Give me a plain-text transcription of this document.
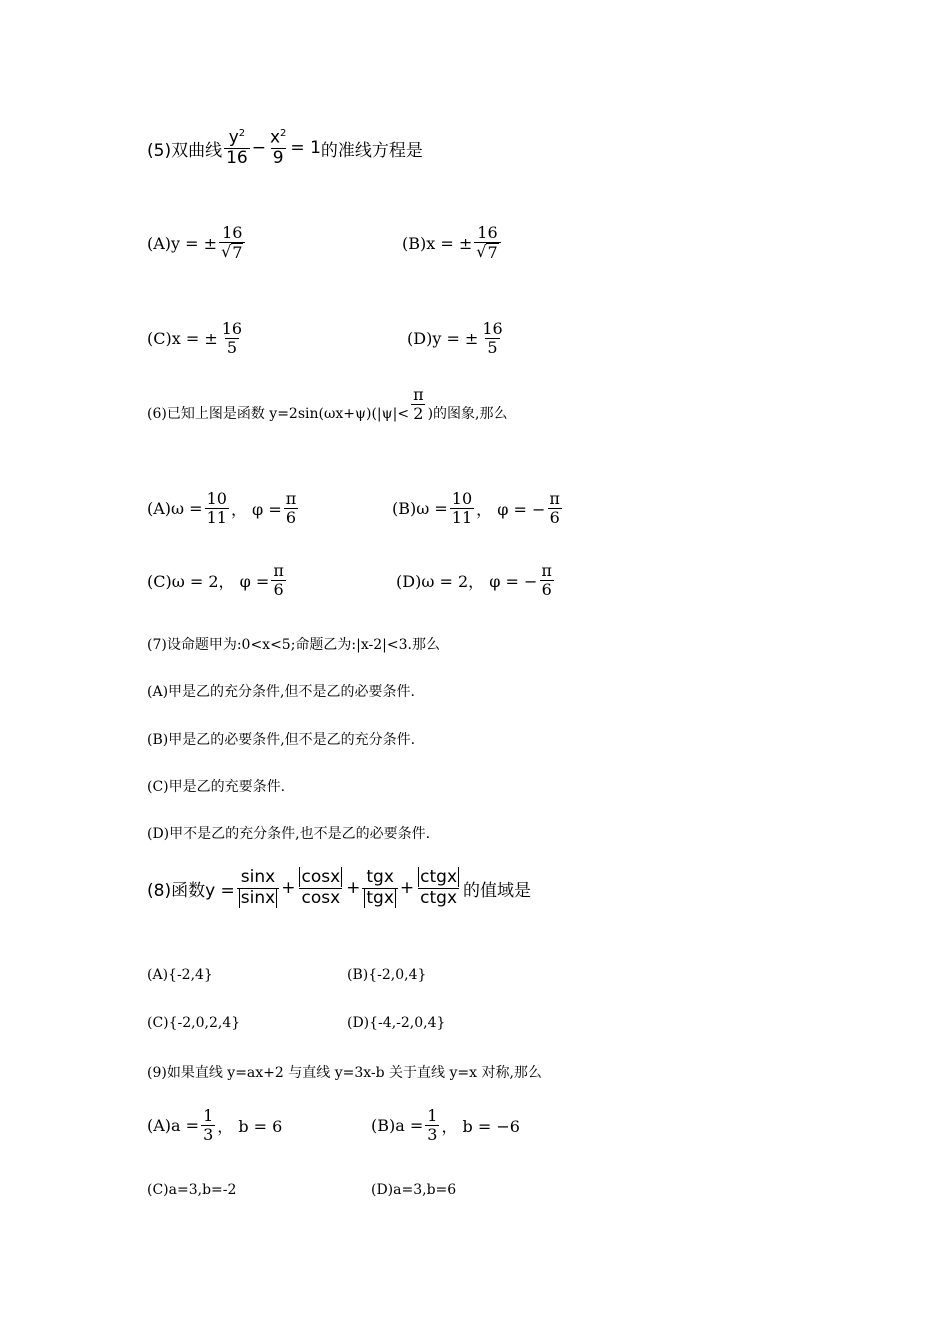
(5)双曲线 $\frac{y^2}{16} - \frac{x^2}{9} = 1$ 的准线方程是
(A)y = ± $\frac{16}{√ 7}$	(B)x = ± $\frac{16}{√ 7}$
(C)x = ± $\frac{16}{5}$	(D)y = ± $\frac{16}{5}$
(6)已知上图是函数 $y=2\sin(\omega x+\psi)(|\psi|< \frac{\pi}{2}$ )的图象,那么
$(A)\omega = \frac{10}{11}$ ， $\varphi = \frac{\pi}{6}$	$(B)\omega = \frac{10}{11}$ ， φ = − $\frac{\pi}{6}$
(C)ω = 2， $\varphi = \frac{\pi}{6}$	(D)ω = 2， φ = − $\frac{\pi}{6}$
(7)设命题甲为:0<x<5;命题乙为:|x-2|<3.那么
(A)甲是乙的充分条件,但不是乙的必要条件.
(B)甲是乙的必要条件,但不是乙的充分条件.
(C)甲是乙的充要条件.
(D)甲不是乙的充分条件,也不是乙的必要条件.
(8)函数$y = \frac{\sin x}{\sin x} + \frac{\cos x}{\cos x} + \frac{\text{tgx}}{\text{tgx}} + \frac{\text{ctgx}}{\text{ctgx}}$ 的值域是
(A){-2,4}	(B){-2,0,4}
(C){-2,0,2,4}	(D){-4,-2,0,4}
(9)如果直线 y=ax+2 与直线 y=3x-b 关于直线 y=x 对称,那么
$(A)a = \frac{1}{3}$ ， b = 6	$(B)a = \frac{1}{3}$ ， b = −6
(C)a=3,b=-2	(D)a=3,b=6
